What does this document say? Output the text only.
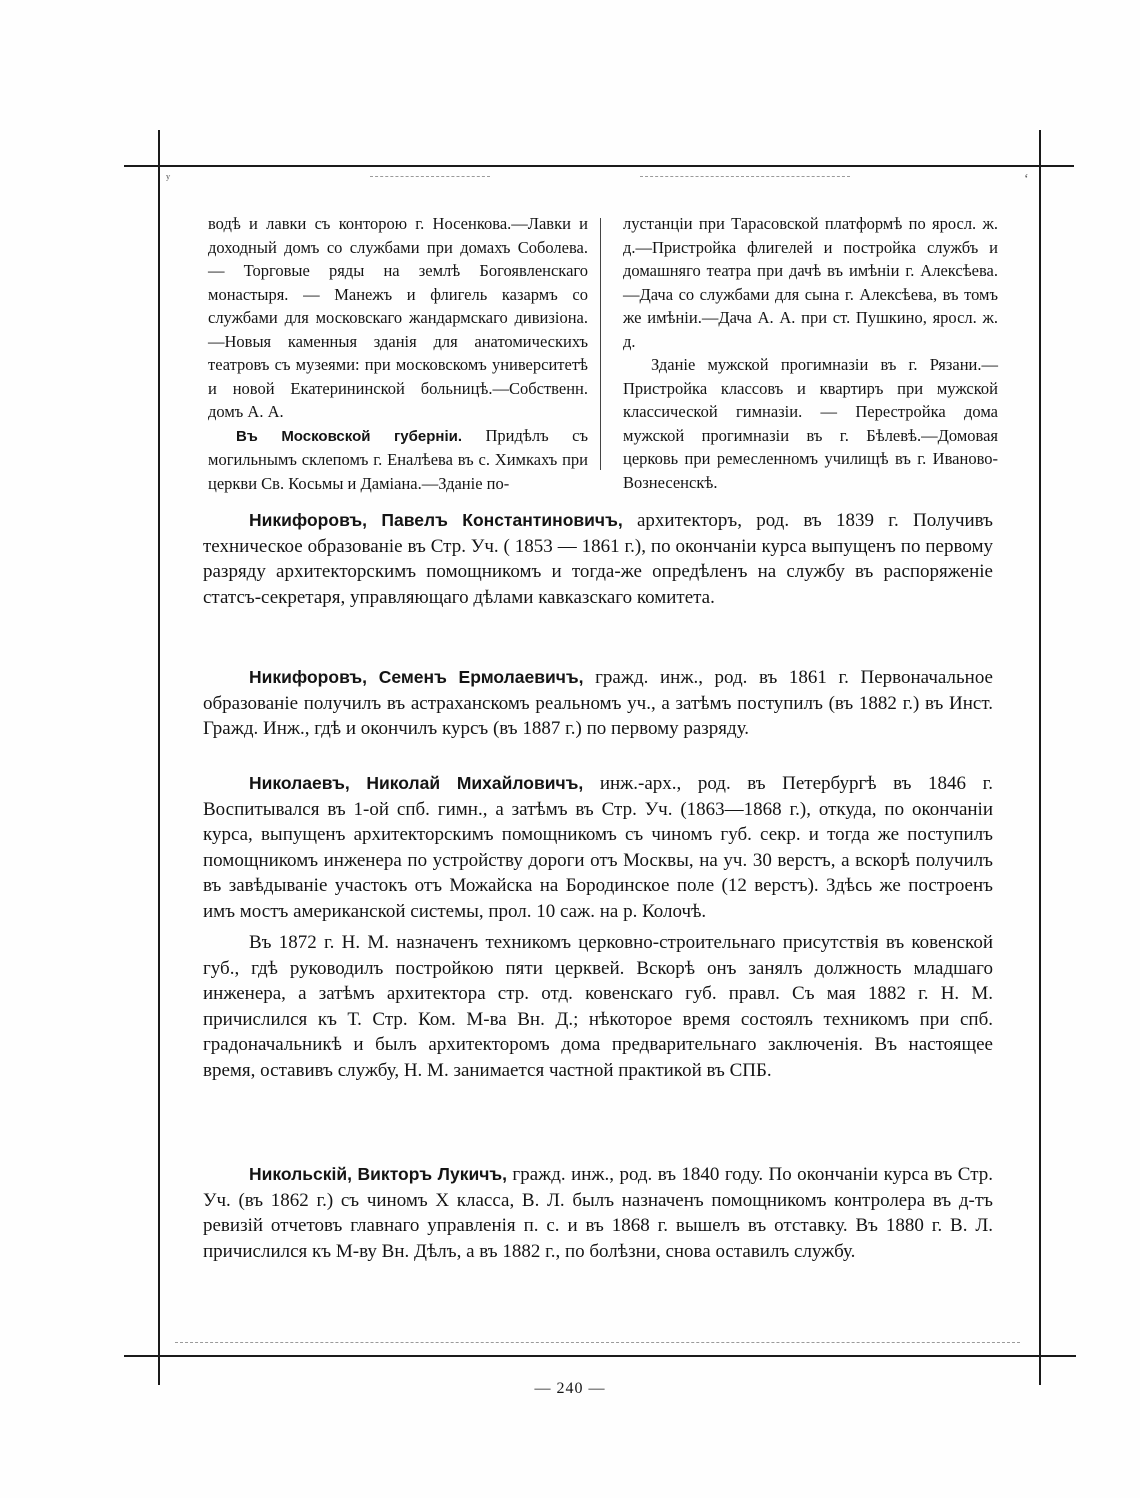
ʸ	ʻ

водѣ и лавки съ конторою г. Носенкова.—Лавки и доходный домъ со службами при домахъ Соболева. — Торговые ряды на землѣ Богоявленскаго монастыря. — Манежъ и флигель казармъ со службами для московскаго жандармскаго дивизіона.—Новыя каменныя зданія для анатомическихъ театровъ съ музеями: при московскомъ университетѣ и новой Екатерининской больницѣ.—Собственн. домъ А. А.

Въ Московской губерніи. Придѣлъ съ могильнымъ склепомъ г. Еналѣева въ с. Химкахъ при церкви Св. Косьмы и Даміана.—Зданіе по-

лустанціи при Тарасовской платформѣ по яросл. ж. д.—Пристройка флигелей и постройка службъ и домашняго театра при дачѣ въ имѣніи г. Алексѣева.—Дача со службами для сына г. Алексѣева, въ томъ же имѣніи.—Дача А. А. при ст. Пушкино, яросл. ж. д.

Зданіе мужской прогимназіи въ г. Рязани.—Пристройка классовъ и квартиръ при мужской классической гимназіи. — Перестройка дома мужской прогимназіи въ г. Бѣлевѣ.—Домовая церковь при ремесленномъ училищѣ въ г. Иваново-Вознесенскѣ.

Никифоровъ, Павелъ Константиновичъ, архитекторъ, род. въ 1839 г. Получивъ техническое образованіе въ Стр. Уч. ( 1853 — 1861 г.), по окончаніи курса выпущенъ по первому разряду архитекторскимъ помощникомъ и тогда-же опредѣленъ на службу въ распоряженіе статсъ-секретаря, управляющаго дѣлами кавказскаго комитета.

Никифоровъ, Семенъ Ермолаевичъ, гражд. инж., род. въ 1861 г. Первоначальное образованіе получилъ въ астраханскомъ реальномъ уч., а затѣмъ поступилъ (въ 1882 г.) въ Инст. Гражд. Инж., гдѣ и окончилъ курсъ (въ 1887 г.) по первому разряду.

Николаевъ, Николай Михайловичъ, инж.-арх., род. въ Петербургѣ въ 1846 г. Воспитывался въ 1-ой спб. гимн., а затѣмъ въ Стр. Уч. (1863—1868 г.), откуда, по окончаніи курса, выпущенъ архитекторскимъ помощникомъ съ чиномъ губ. секр. и тогда же поступилъ помощникомъ инженера по устройству дороги отъ Москвы, на уч. 30 верстъ, а вскорѣ получилъ въ завѣдываніе участокъ отъ Можайска на Бородинское поле (12 верстъ). Здѣсь же построенъ имъ мостъ американской системы, прол. 10 саж. на р. Колочѣ.

Въ 1872 г. Н. М. назначенъ техникомъ церковно-строительнаго присутствія въ ковенской губ., гдѣ руководилъ постройкою пяти церквей. Вскорѣ онъ занялъ должность младшаго инженера, а затѣмъ архитектора стр. отд. ковенскаго губ. правл. Съ мая 1882 г. Н. М. причислился къ Т. Стр. Ком. М-ва Вн. Д.; нѣкоторое время состоялъ техникомъ при спб. градоначальникѣ и былъ архитекторомъ дома предварительнаго заключенія. Въ настоящее время, оставивъ службу, Н. М. занимается частной практикой въ СПБ.

Никольскій, Викторъ Лукичъ, гражд. инж., род. въ 1840 году. По окончаніи курса въ Стр. Уч. (въ 1862 г.) съ чиномъ X класса, В. Л. былъ назначенъ помощникомъ контролера въ д-тъ ревизій отчетовъ главнаго управленія п. с. и въ 1868 г. вышелъ въ отставку. Въ 1880 г. В. Л. причислился къ М-ву Вн. Дѣлъ, а въ 1882 г., по болѣзни, снова оставилъ службу.

— 240 —
